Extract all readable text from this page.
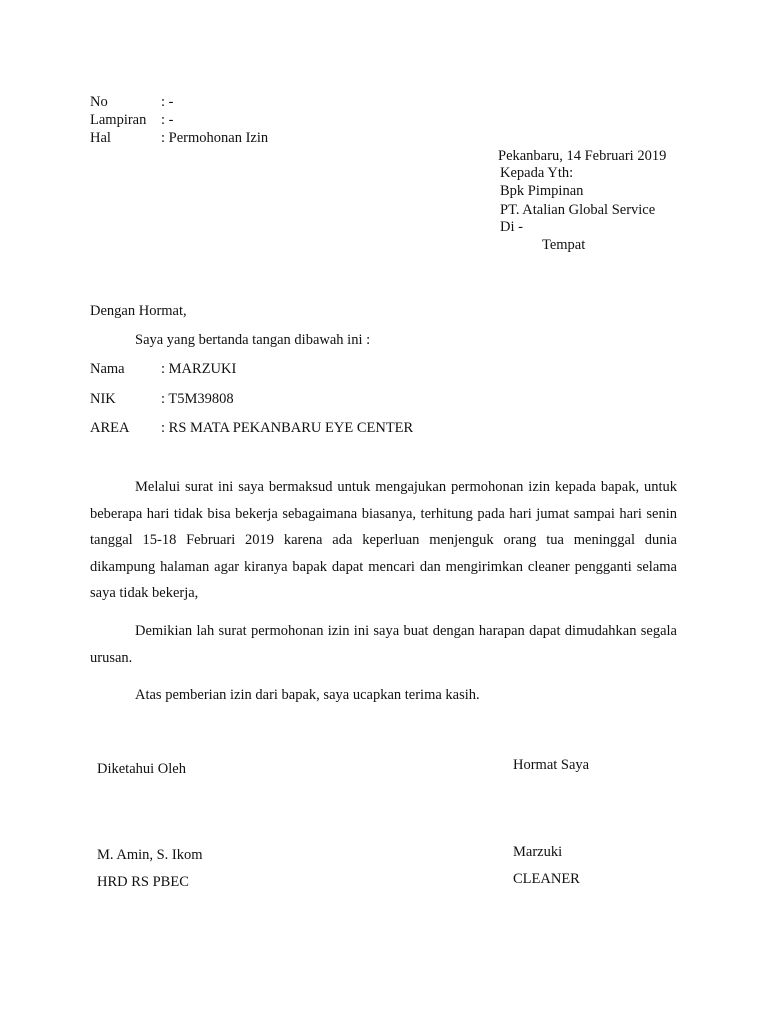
No	: -
Lampiran : -
Hal	: Permohonan Izin
Pekanbaru, 14 Februari 2019
Kepada Yth:
Bpk Pimpinan
PT. Atalian Global Service
Di -
Tempat
Dengan Hormat,
Saya yang bertanda tangan dibawah ini :
Nama	: MARZUKI
NIK	: T5M39808
AREA : RS MATA PEKANBARU EYE CENTER
Melalui surat ini saya bermaksud untuk mengajukan permohonan izin kepada bapak, untuk beberapa hari tidak bisa bekerja sebagaimana biasanya, terhitung pada hari jumat sampai hari senin tanggal 15-18 Februari 2019 karena ada keperluan menjenguk orang tua meninggal dunia dikampung halaman agar kiranya bapak dapat mencari dan mengirimkan cleaner pengganti selama saya tidak bekerja,
Demikian lah surat permohonan izin ini saya buat dengan harapan dapat dimudahkan segala urusan.
Atas pemberian izin dari bapak, saya ucapkan terima kasih.
Diketahui Oleh
M. Amin, S. Ikom
HRD RS PBEC
Hormat Saya
Marzuki
CLEANER
